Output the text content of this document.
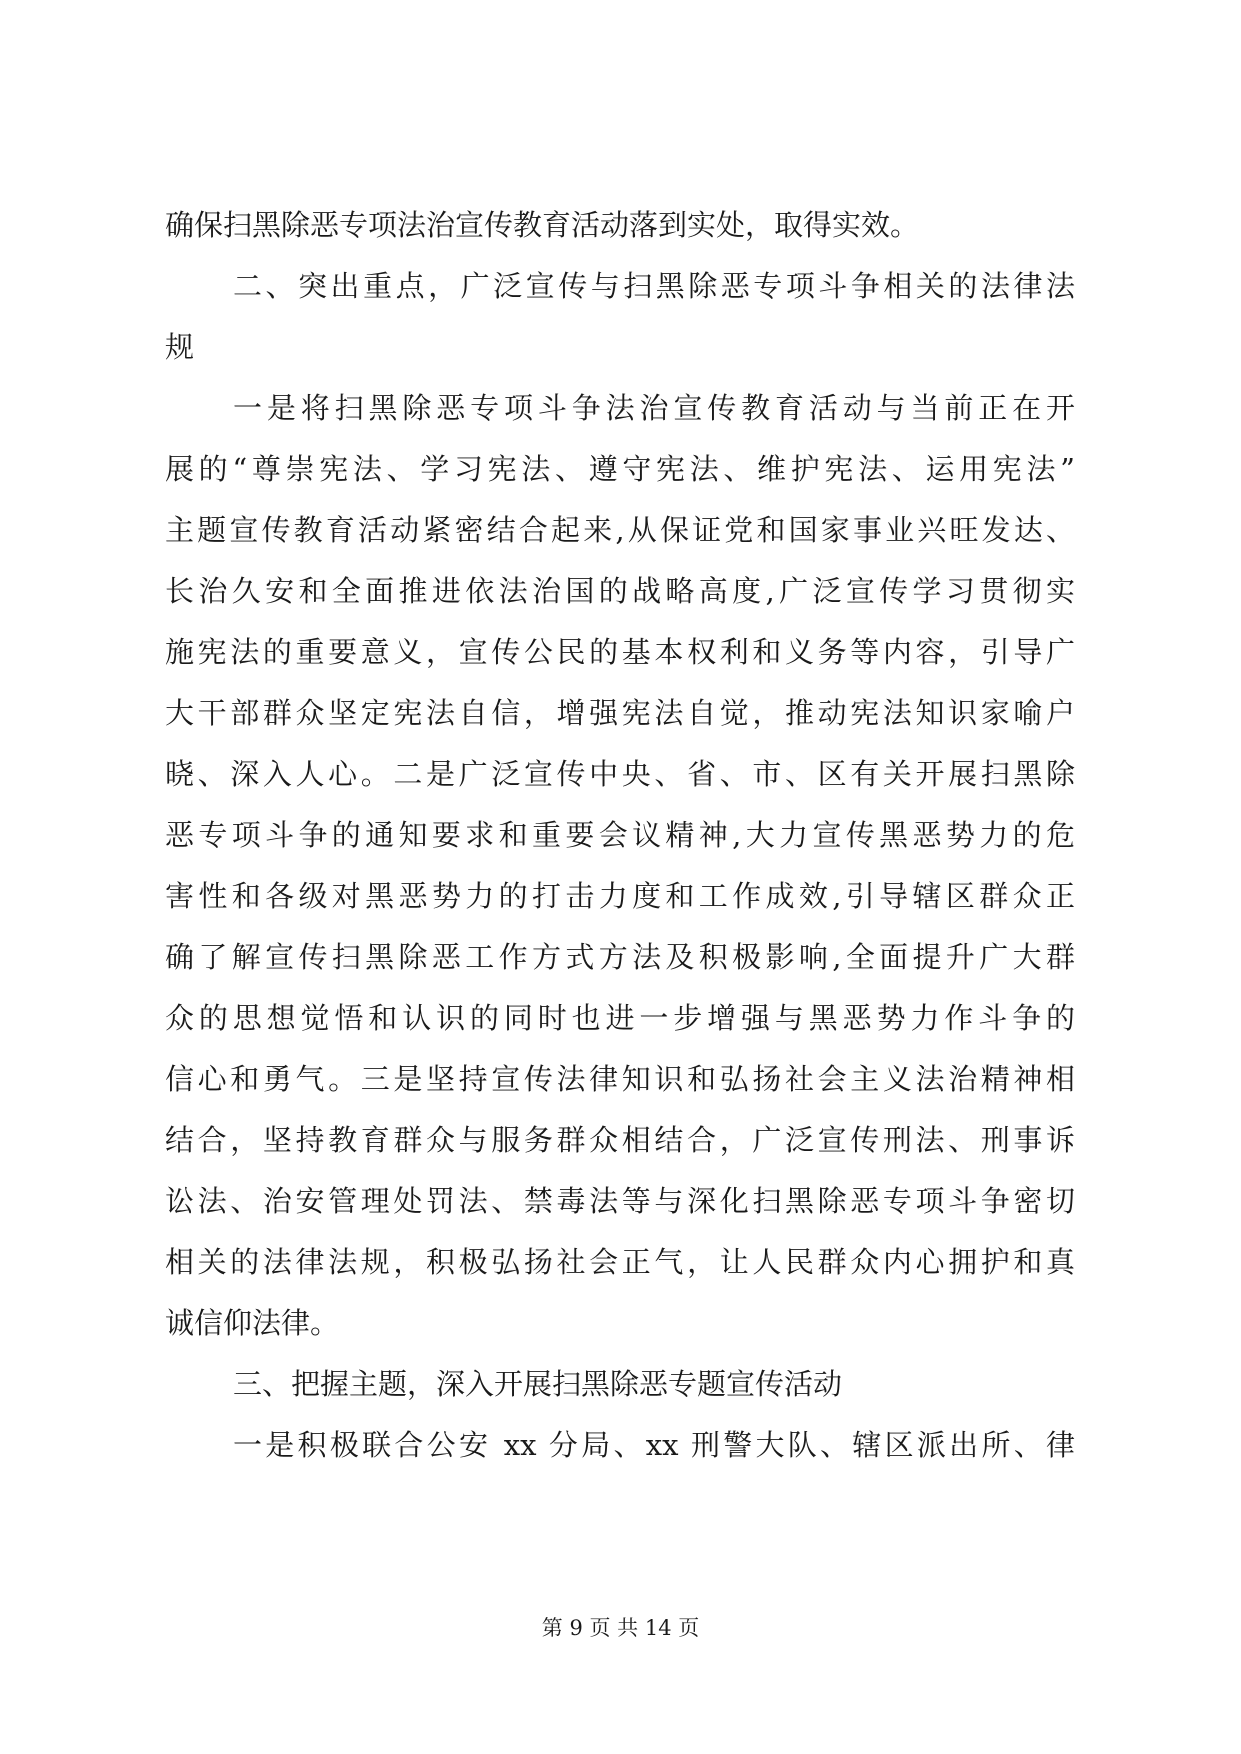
确保扫黑除恶专项法治宣传教育活动落到实处，取得实效。
二、突出重点，广泛宣传与扫黑除恶专项斗争相关的法律法
规
一是将扫黑除恶专项斗争法治宣传教育活动与当前正在开
展的“尊崇宪法、学习宪法、遵守宪法、维护宪法、运用宪法”
主题宣传教育活动紧密结合起来,从保证党和国家事业兴旺发达、
长治久安和全面推进依法治国的战略高度,广泛宣传学习贯彻实
施宪法的重要意义，宣传公民的基本权利和义务等内容，引导广
大干部群众坚定宪法自信，增强宪法自觉，推动宪法知识家喻户
晓、深入人心。二是广泛宣传中央、省、市、区有关开展扫黑除
恶专项斗争的通知要求和重要会议精神,大力宣传黑恶势力的危
害性和各级对黑恶势力的打击力度和工作成效,引导辖区群众正
确了解宣传扫黑除恶工作方式方法及积极影响,全面提升广大群
众的思想觉悟和认识的同时也进一步增强与黑恶势力作斗争的
信心和勇气。三是坚持宣传法律知识和弘扬社会主义法治精神相
结合，坚持教育群众与服务群众相结合，广泛宣传刑法、刑事诉
讼法、治安管理处罚法、禁毒法等与深化扫黑除恶专项斗争密切
相关的法律法规，积极弘扬社会正气，让人民群众内心拥护和真
诚信仰法律。
三、把握主题，深入开展扫黑除恶专题宣传活动
一是积极联合公安 xx 分局、xx 刑警大队、辖区派出所、律
第 9 页 共 14 页
